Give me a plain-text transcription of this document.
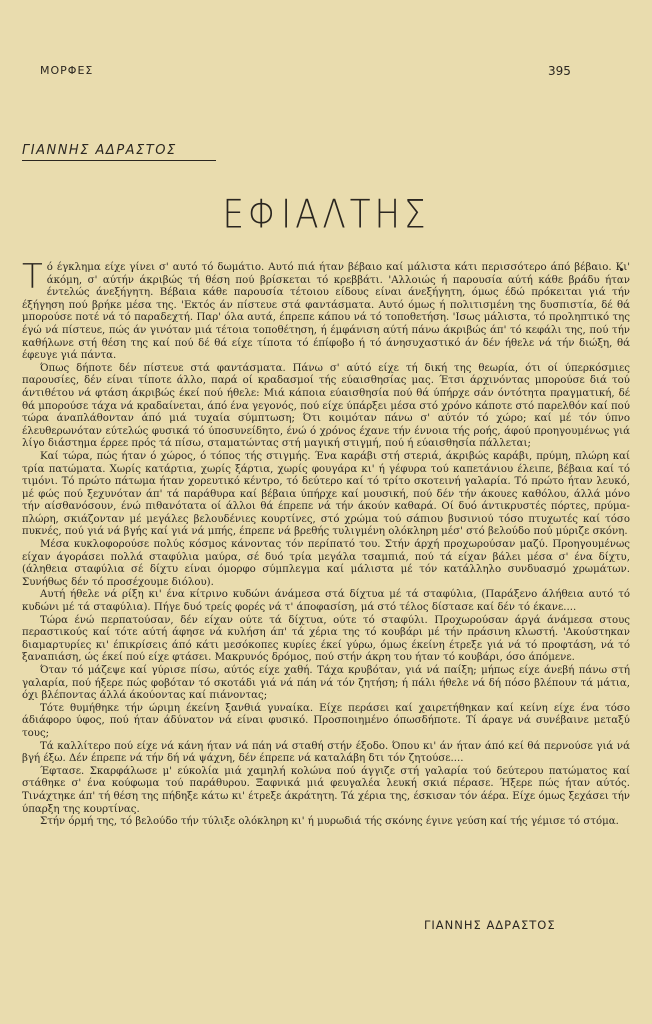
ΜΟΡΦΕΣ	395
ΓΙΑΝΝΗΣ ΑΔΡΑΣΤΟΣ
ΕΦΙΑΛΤΗΣ

Τό έγκλημα είχε γίνει σ' αυτό τό δωμάτιο. Αυτό πιά ήταν βέβαιο καί μάλιστα κάτι περισσότερο άπό βέβαιο. Κι' άκόμη, σ' αύτήν άκριβώς τή θέση πού βρίσκεται τό κρεββάτι. 'Αλλοιώς ή παρουσία αύτή κάθε βράδυ ήταν έντελώς άνεξήγητη. Βέβαια κάθε παρουσία τέτοιου είδους είναι άνεξήγητη, όμως έδώ πρόκειται γιά τήν έξήγηση πού βρήκε μέσα της. 'Εκτός άν πίστευε στά φαντάσματα. Αυτό όμως ή πολιτισμένη της δυσπιστία, δέ θά μπορούσε ποτέ νά τό παραδεχτή. Παρ' όλα αυτά, έπρεπε κάπου νά τό τοποθετήση. 'Ισως μάλιστα, τό προληπτικό της έγώ νά πίστευε, πώς άν γινόταν μιά τέτοια τοποθέτηση, ή έμφάνιση αύτή πάνω άκριβώς άπ' τό κεφάλι της, πού τήν καθήλωνε στή θέση της καί πού δέ θά είχε τίποτα τό έπίφοβο ή τό άνησυχαστικό άν δέν ήθελε νά τήν διώξη, θά έφευγε γιά πάντα.

Όπως δήποτε δέν πίστευε στά φαντάσματα. Πάνω σ' αύτό είχε τή δική της θεωρία, ότι οί ύπερκόσμιες παρουσίες, δέν είναι τίποτε άλλο, παρά οί κραδασμοί τής εύαισθησίας μας. Έτσι άρχινόντας μπορούσε διά τού άντιθέτου νά φτάση άκριβώς έκεί πού ήθελε: Μιά κάποια εύαισθησία πού θά ύπήρχε σάν όντότητα πραγματική, δέ θά μπορούσε τάχα νά κραδαίνεται, άπό ένα γεγονός, πού είχε ύπάρξει μέσα στό χρόνο κάποτε στό παρελθόν καί πού τώρα άναπλάθονταν άπό μιά τυχαία σύμπτωση; Ότι κοιμόταν πάνω σ' αύτόν τό χώρο; καί μέ τόν ύπνο έλευθερωνόταν εύτελώς φυσικά τό ύποσυνείδητο, ένώ ό χρόνος έχανε τήν έννοια τής ροής, άφού προηγουμένως γιά λίγο διάστημα έρρεε πρός τά πίσω, σταματώντας στή μαγική στιγμή, πού ή εύαισθησία πάλλεται;

Καί τώρα, πώς ήταν ό χώρος, ό τόπος τής στιγμής. Ένα καράβι στή στεριά, άκριβώς καράβι, πρύμη, πλώρη καί τρία πατώματα. Χωρίς κατάρτια, χωρίς ξάρτια, χωρίς φουγάρα κι' ή γέφυρα τού καπετάνιου έλειπε, βέβαια καί τό τιμόνι. Τό πρώτο πάτωμα ήταν χορευτικό κέντρο, τό δεύτερο καί τό τρίτο σκοτεινή γαλαρία. Τό πρώτο ήταν λευκό, μέ φώς πού ξεχυνόταν άπ' τά παράθυρα καί βέβαια ύπήρχε καί μουσική, πού δέν τήν άκουες καθόλου, άλλά μόνο τήν αίσθανόσουν, ένώ πιθανότατα οί άλλοι θά έπρεπε νά τήν άκούν καθαρά. Οί δυό άντικρυστές πόρτες, πρύμα-πλώρη, σκιάζονταν μέ μεγάλες βελουδένιες κουρτίνες, στό χρώμα τού σάπιου βυσινιού τόσο πτυχωτές καί τόσο πυκνές, πού γιά νά βγής καί γιά νά μπής, έπρεπε νά βρεθής τυλιγμένη ολόκληρη μέσ' στό βελούδο πού μύριζε σκόνη.

Μέσα κυκλοφορούσε πολύς κόσμος κάνοντας τόν περίπατό του. Στήν άρχή προχωρούσαν μαζύ. Προηγουμένως είχαν άγοράσει πολλά σταφύλια μαύρα, σέ δυό τρία μεγάλα τσαμπιά, πού τά είχαν βάλει μέσα σ' ένα δίχτυ, (άληθεια σταφύλια σέ δίχτυ είναι όμορφο σύμπλεγμα καί μάλιστα μέ τόν κατάλληλο συνδυασμό χρωμάτων. Συνήθως δέν τό προσέχουμε διόλου).

Αυτή ήθελε νά ρίξη κι' ένα κίτρινο κυδώνι άνάμεσα στά δίχτυα μέ τά σταφύλια, (Παράξενο άλήθεια αυτό τό κυδώνι μέ τά σταφύλια). Πήγε δυό τρείς φορές νά τ' άποφασίση, μά στό τέλος δίστασε καί δέν τό έκανε....

Τώρα ένώ περπατούσαν, δέν είχαν ούτε τά δίχτυα, ούτε τό σταφύλι. Προχωρούσαν άργά άνάμεσα στους περαστικούς καί τότε αύτή άφησε νά κυλήση άπ' τά χέρια της τό κουβάρι μέ τήν πράσινη κλωστή. 'Ακούστηκαν διαμαρτυρίες κι' έπικρίσεις άπό κάτι μεσόκοπες κυρίες έκεί γύρω, όμως έκείνη έτρεξε γιά νά τό προφτάση, νά τό ξαναπιάση, ώς έκεί πού είχε φτάσει. Μακρυνός δρόμος, πού στήν άκρη του ήταν τό κουβάρι, όσο άπόμενε.

Όταν τό μάζεψε καί γύρισε πίσω, αύτός είχε χαθή. Τάχα κρυβόταν, γιά νά παίξη; μήπως είχε άνεβή πάνω στή γαλαρία, πού ήξερε πώς φοβόταν τό σκοτάδι γιά νά πάη νά τόν ζητήση; ή πάλι ήθελε νά δή πόσο βλέπουν τά μάτια, όχι βλέποντας άλλά άκούοντας καί πιάνοντας;

Τότε θυμήθηκε τήν ώριμη έκείνη ξανθιά γυναίκα. Είχε περάσει καί χαιρετήθηκαν καί κείνη είχε ένα τόσο άδιάφορο ύφος, πού ήταν άδύνατον νά είναι φυσικό. Προσποιημένο όπωσδήποτε. Τί άραγε νά συνέβαινε μεταξύ τους;

Τά καλλίτερο πού είχε νά κάνη ήταν νά πάη νά σταθή στήν έξοδο. Όπου κι' άν ήταν άπό κεί θά περνούσε γιά νά βγή έξω. Δέν έπρεπε νά τήν δή νά ψάχνη, δέν έπρεπε νά καταλάβη δτι τόν ζητούσε....

Έφτασε. Σκαρφάλωσε μ' εύκολία μιά χαμηλή κολώνα πού άγγιζε στή γαλαρία τού δεύτερου πατώματος καί στάθηκε σ' ένα κούφωμα τού παράθυρου. Ξαφνικά μιά φευγαλέα λευκή σκιά πέρασε. Ήξερε πώς ήταν αύτός. Τινάχτηκε άπ' τή θέση της πήδηξε κάτω κι' έτρεξε άκράτητη. Τά χέρια της, έσκισαν τόν άέρα. Είχε όμως ξεχάσει τήν ύπαρξη της κουρτίνας.

Στήν όρμή της, τό βελούδο τήν τύλιξε ολόκληρη κι' ή μυρωδιά τής σκόνης έγινε γεύση καί τής γέμισε τό στόμα.

ΓΙΑΝΝΗΣ ΑΔΡΑΣΤΟΣ
